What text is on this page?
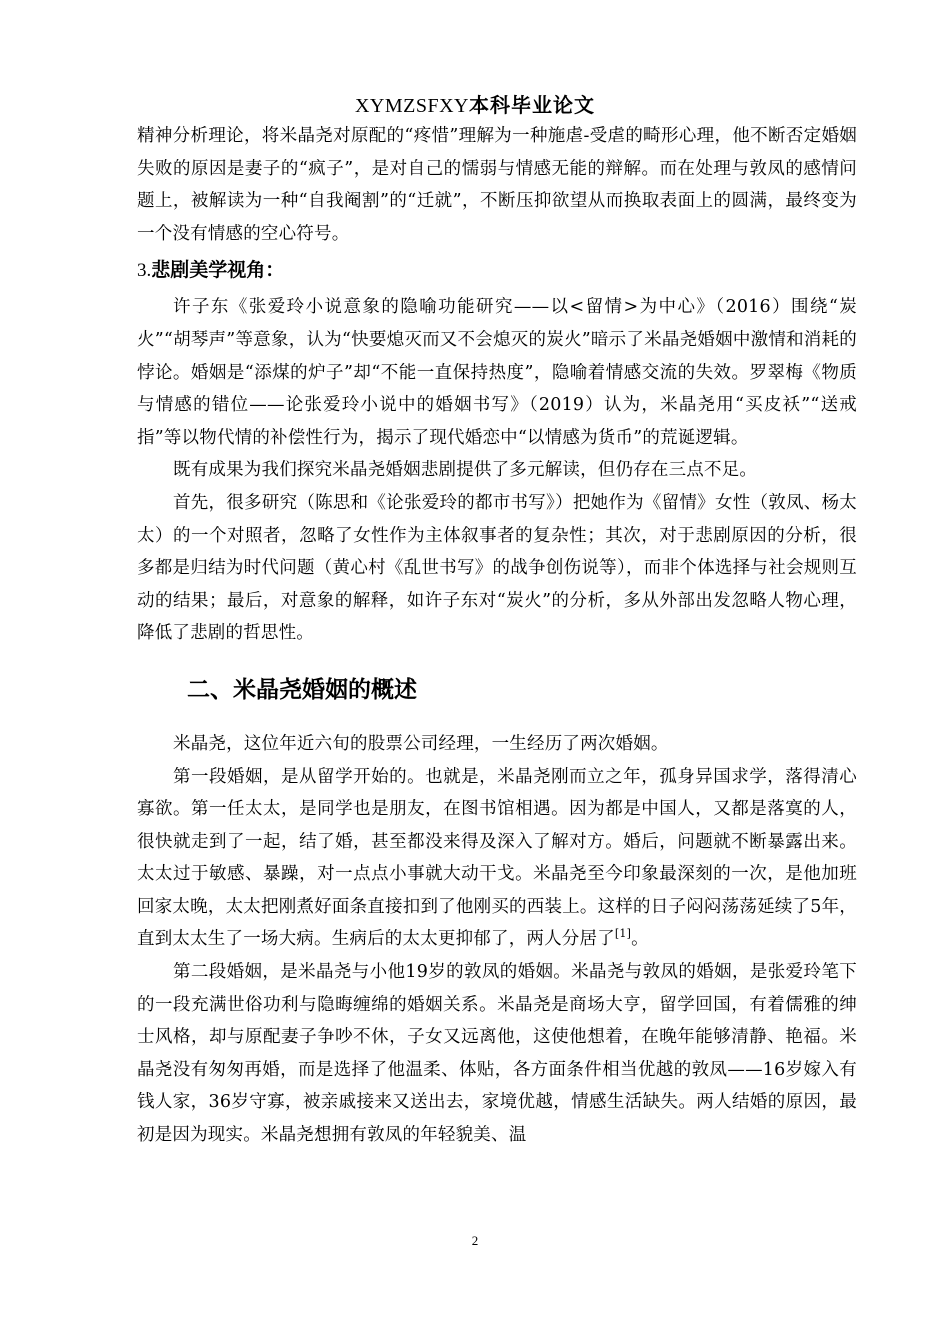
XYMZSFXY本科毕业论文

精神分析理论，将米晶尧对原配的“疼惜”理解为一种施虐-受虐的畸形心理，他不断否定婚姻失败的原因是妻子的“疯子”，是对自己的懦弱与情感无能的辩解。而在处理与敦凤的感情问题上，被解读为一种“自我阉割”的“迁就”，不断压抑欲望从而换取表面上的圆满，最终变为一个没有情感的空心符号。

3.悲剧美学视角：

许子东《张爱玲小说意象的隐喻功能研究——以<留情>为中心》（2016）围绕“炭火”“胡琴声”等意象，认为“快要熄灭而又不会熄灭的炭火”暗示了米晶尧婚姻中激情和消耗的悖论。婚姻是“添煤的炉子”却“不能一直保持热度”，隐喻着情感交流的失效。罗翠梅《物质与情感的错位——论张爱玲小说中的婚姻书写》（2019）认为，米晶尧用“买皮袄”“送戒指”等以物代情的补偿性行为，揭示了现代婚恋中“以情感为货币”的荒诞逻辑。

既有成果为我们探究米晶尧婚姻悲剧提供了多元解读，但仍存在三点不足。

首先，很多研究（陈思和《论张爱玲的都市书写》）把她作为《留情》女性（敦凤、杨太太）的一个对照者，忽略了女性作为主体叙事者的复杂性；其次，对于悲剧原因的分析，很多都是归结为时代问题（黄心村《乱世书写》的战争创伤说等），而非个体选择与社会规则互动的结果；最后，对意象的解释，如许子东对“炭火”的分析，多从外部出发忽略人物心理，降低了悲剧的哲思性。

二、米晶尧婚姻的概述

米晶尧，这位年近六旬的股票公司经理，一生经历了两次婚姻。

第一段婚姻，是从留学开始的。也就是，米晶尧刚而立之年，孤身异国求学，落得清心寡欲。第一任太太，是同学也是朋友，在图书馆相遇。因为都是中国人，又都是落寞的人，很快就走到了一起，结了婚，甚至都没来得及深入了解对方。婚后，问题就不断暴露出来。太太过于敏感、暴躁，对一点点小事就大动干戈。米晶尧至今印象最深刻的一次，是他加班回家太晚，太太把刚煮好面条直接扣到了他刚买的西装上。这样的日子闷闷荡荡延续了5年，直到太太生了一场大病。生病后的太太更抑郁了，两人分居了[1]。

第二段婚姻，是米晶尧与小他19岁的敦凤的婚姻。米晶尧与敦凤的婚姻，是张爱玲笔下的一段充满世俗功利与隐晦缠绵的婚姻关系。米晶尧是商场大亨，留学回国，有着儒雅的绅士风格，却与原配妻子争吵不休，子女又远离他，这使他想着，在晚年能够清静、艳福。米晶尧没有匆匆再婚，而是选择了他温柔、体贴，各方面条件相当优越的敦凤——16岁嫁入有钱人家，36岁守寡，被亲戚接来又送出去，家境优越，情感生活缺失。两人结婚的原因，最初是因为现实。米晶尧想拥有敦凤的年轻貌美、温

2
